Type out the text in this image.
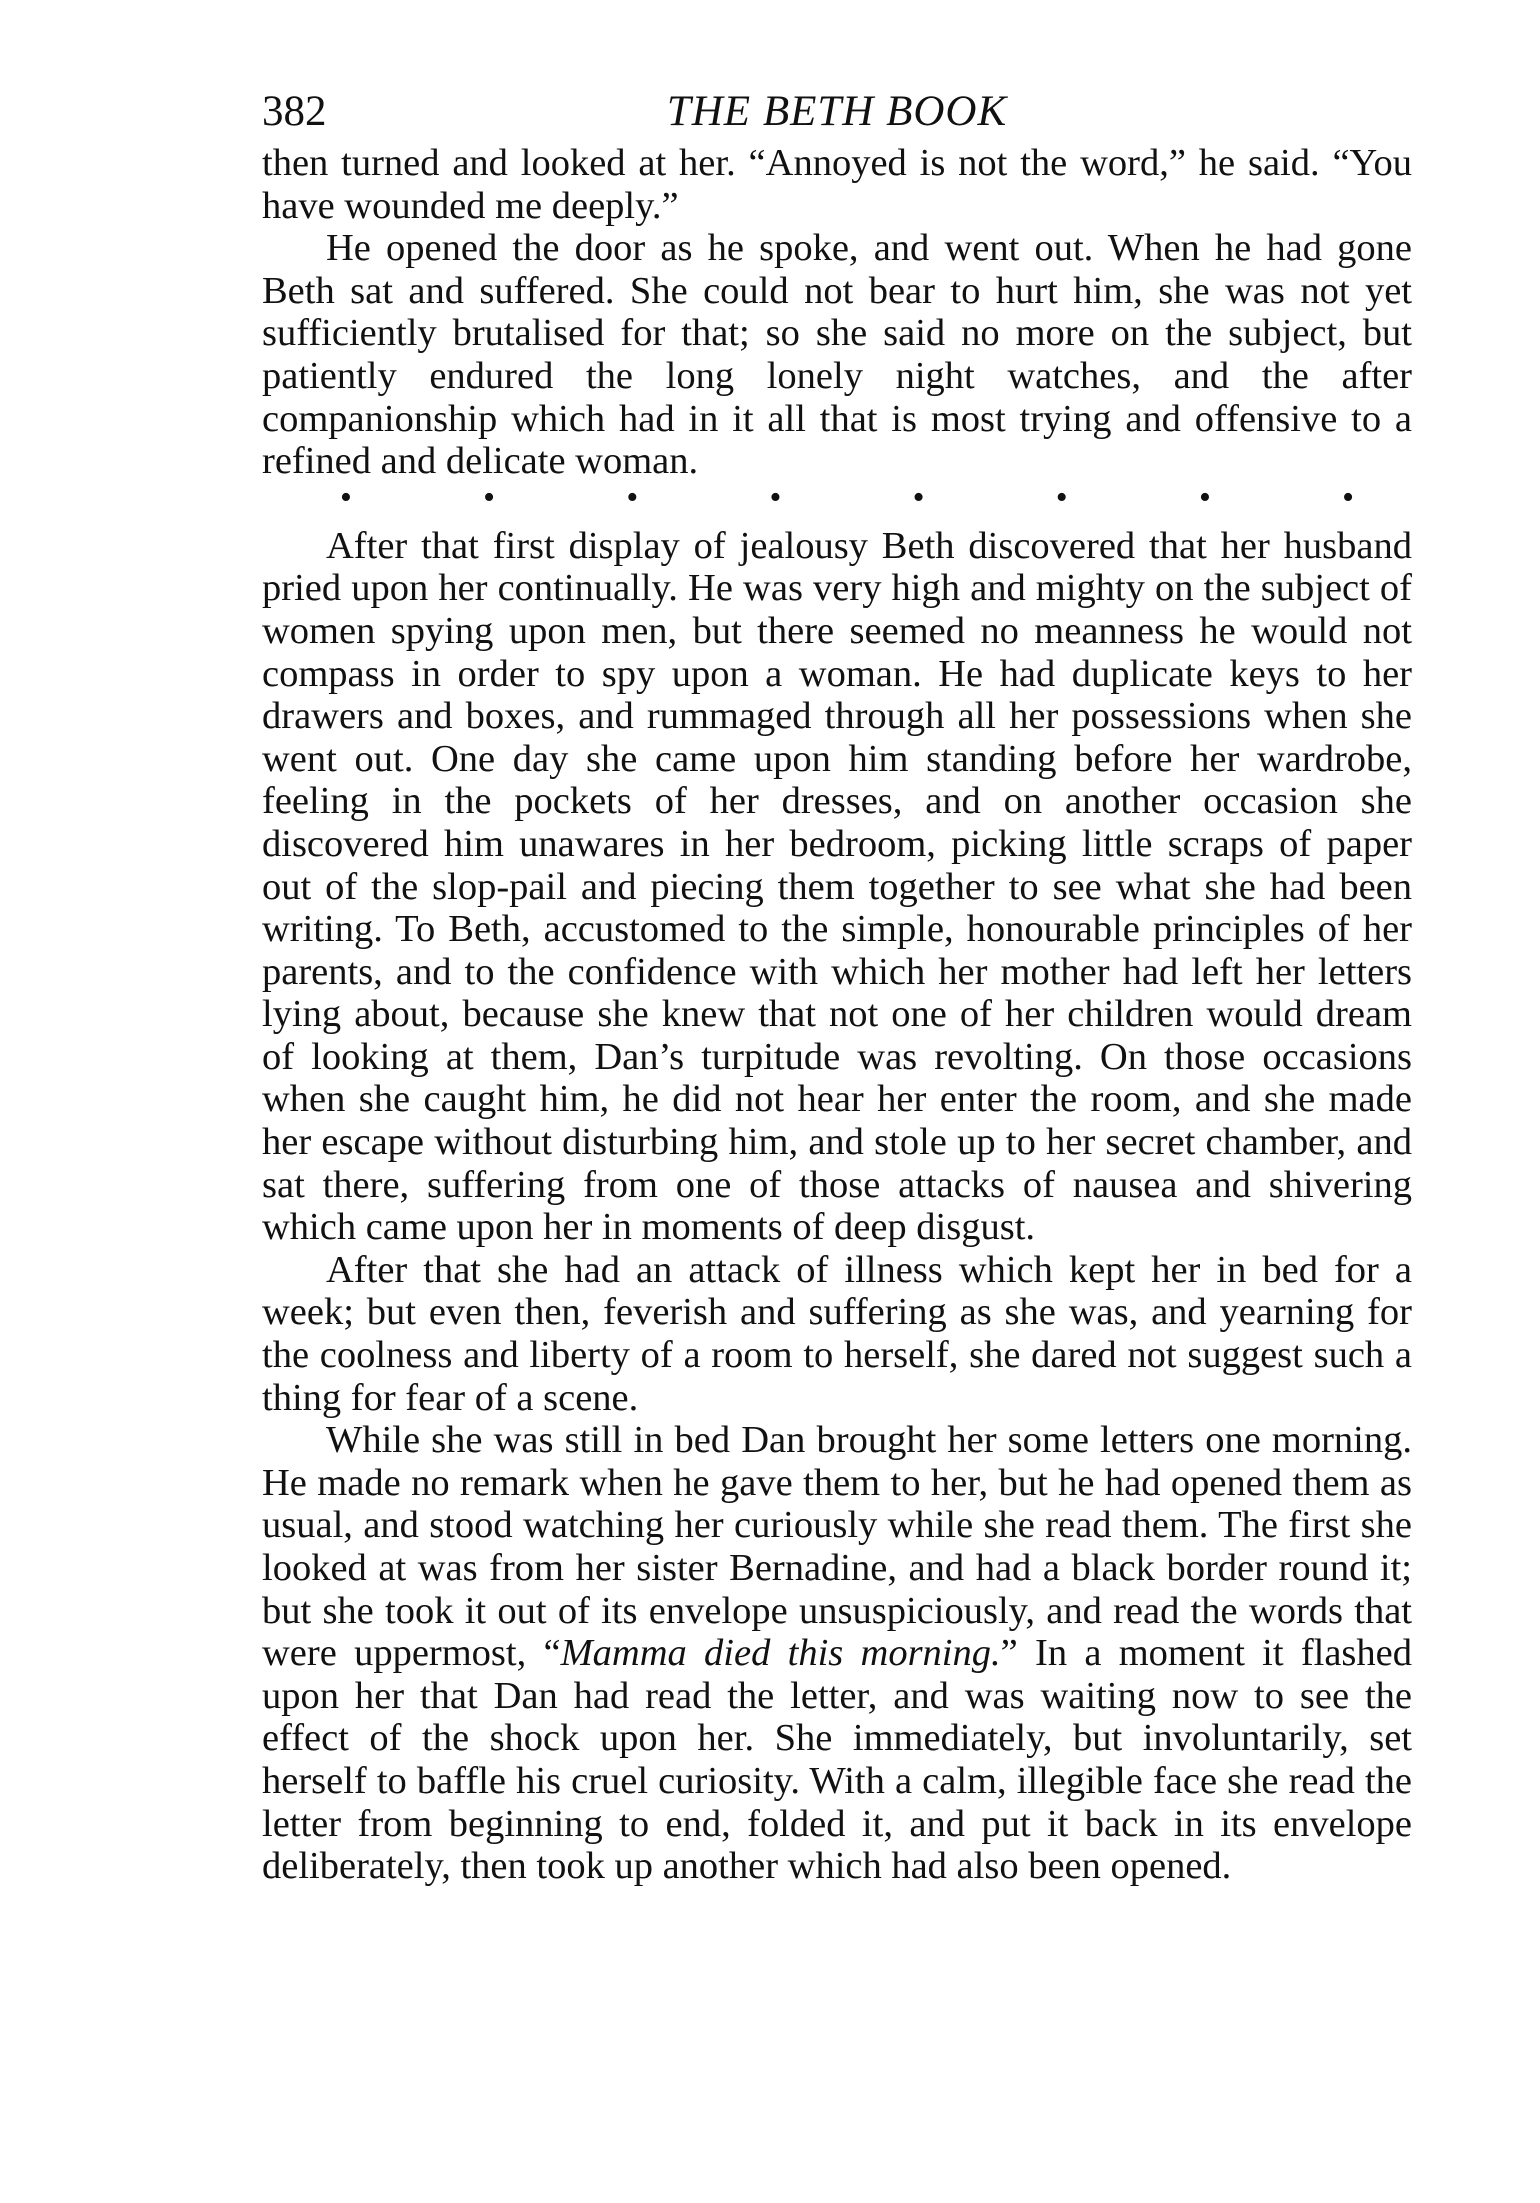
382	THE BETH BOOK

then turned and looked at her. “Annoyed is not the word,” he said. “You have wounded me deeply.”

He opened the door as he spoke, and went out. When he had gone Beth sat and suffered. She could not bear to hurt him, she was not yet sufficiently brutalised for that; so she said no more on the subject, but patiently endured the long lonely night watches, and the after companionship which had in it all that is most trying and offensive to a refined and delicate woman.

•	•	•	•	•	•	•	•

After that first display of jealousy Beth discovered that her husband pried upon her continually. He was very high and mighty on the subject of women spying upon men, but there seemed no meanness he would not compass in order to spy upon a woman. He had duplicate keys to her drawers and boxes, and rummaged through all her possessions when she went out. One day she came upon him standing before her wardrobe, feeling in the pockets of her dresses, and on another occasion she discovered him unawares in her bedroom, picking little scraps of paper out of the slop-pail and piecing them together to see what she had been writing. To Beth, accustomed to the simple, honourable principles of her parents, and to the confidence with which her mother had left her letters lying about, because she knew that not one of her children would dream of looking at them, Dan’s turpitude was revolting. On those occasions when she caught him, he did not hear her enter the room, and she made her escape without disturbing him, and stole up to her secret chamber, and sat there, suffering from one of those attacks of nausea and shivering which came upon her in moments of deep disgust.

After that she had an attack of illness which kept her in bed for a week; but even then, feverish and suffering as she was, and yearning for the coolness and liberty of a room to herself, she dared not suggest such a thing for fear of a scene.

While she was still in bed Dan brought her some letters one morning. He made no remark when he gave them to her, but he had opened them as usual, and stood watching her curiously while she read them. The first she looked at was from her sister Bernadine, and had a black border round it; but she took it out of its envelope unsuspiciously, and read the words that were uppermost, “Mamma died this morning.” In a moment it flashed upon her that Dan had read the letter, and was waiting now to see the effect of the shock upon her. She immediately, but involuntarily, set herself to baffle his cruel curiosity. With a calm, illegible face she read the letter from beginning to end, folded it, and put it back in its envelope deliberately, then took up another which had also been opened.
